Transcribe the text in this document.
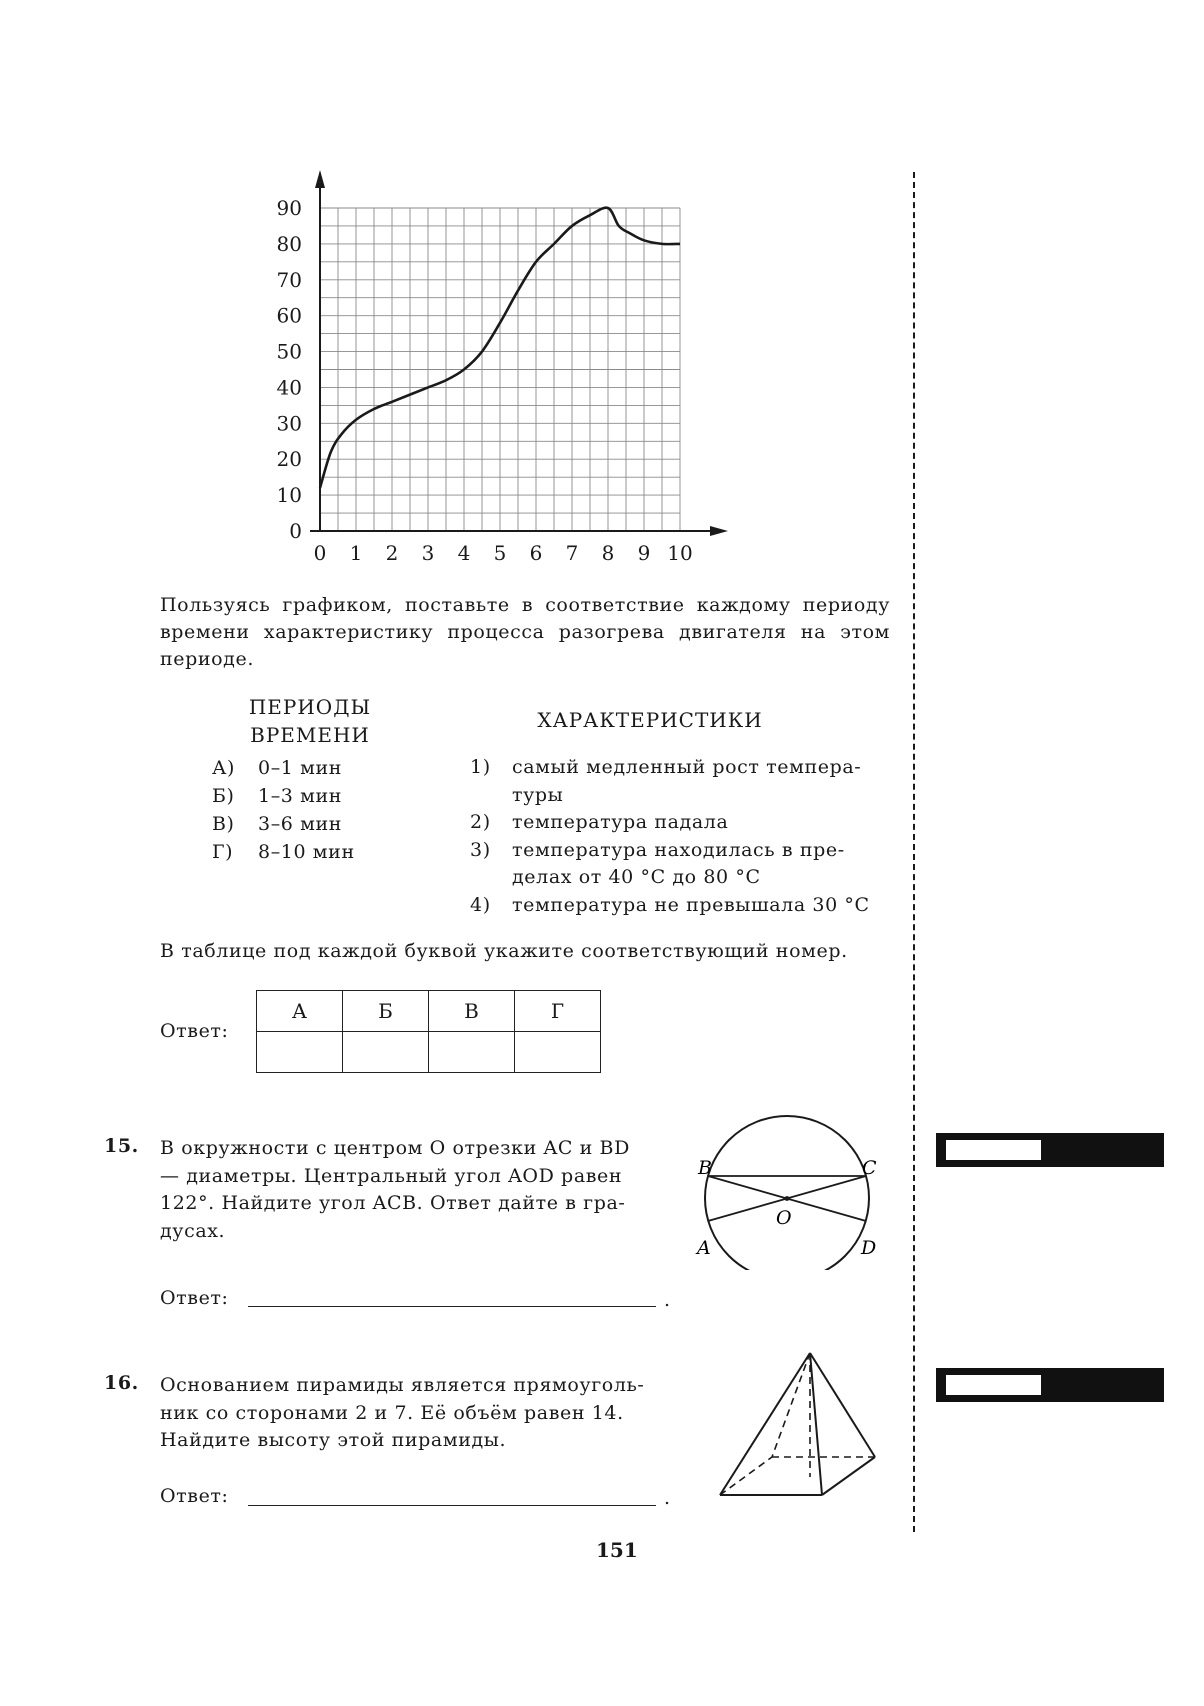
0
10
20
30
40
50
60
70
80
90
0 1 2 3 4 5 6 7 8 9 10
Пользуясь графиком, поставьте в соответствие каждому периоду времени характеристику процесса разогрева двигателя на этом периоде.
ПЕРИОДЫ
ВРЕМЕНИ
ХАРАКТЕРИСТИКИ
А) 0–1 мин
Б) 1–3 мин
В) 3–6 мин
Г) 8–10 мин
1) самый медленный рост темпера-
туры
2) температура падала
3) температура находилась в пре-
делах от 40 °С до 80 °С
4) температура не превышала 30 °С
В таблице под каждой буквой укажите соответствующий номер.
Ответ:
А	Б	В	Г

15. В окружности с центром O отрезки AC и BD
— диаметры. Центральный угол AOD равен
122°. Найдите угол ACB. Ответ дайте в гра-
дусах.
Ответ:	.
B	C
O
A	D
16. Основанием пирамиды является прямоуголь-
ник со сторонами 2 и 7. Её объём равен 14.
Найдите высоту этой пирамиды.
Ответ:	.
151
